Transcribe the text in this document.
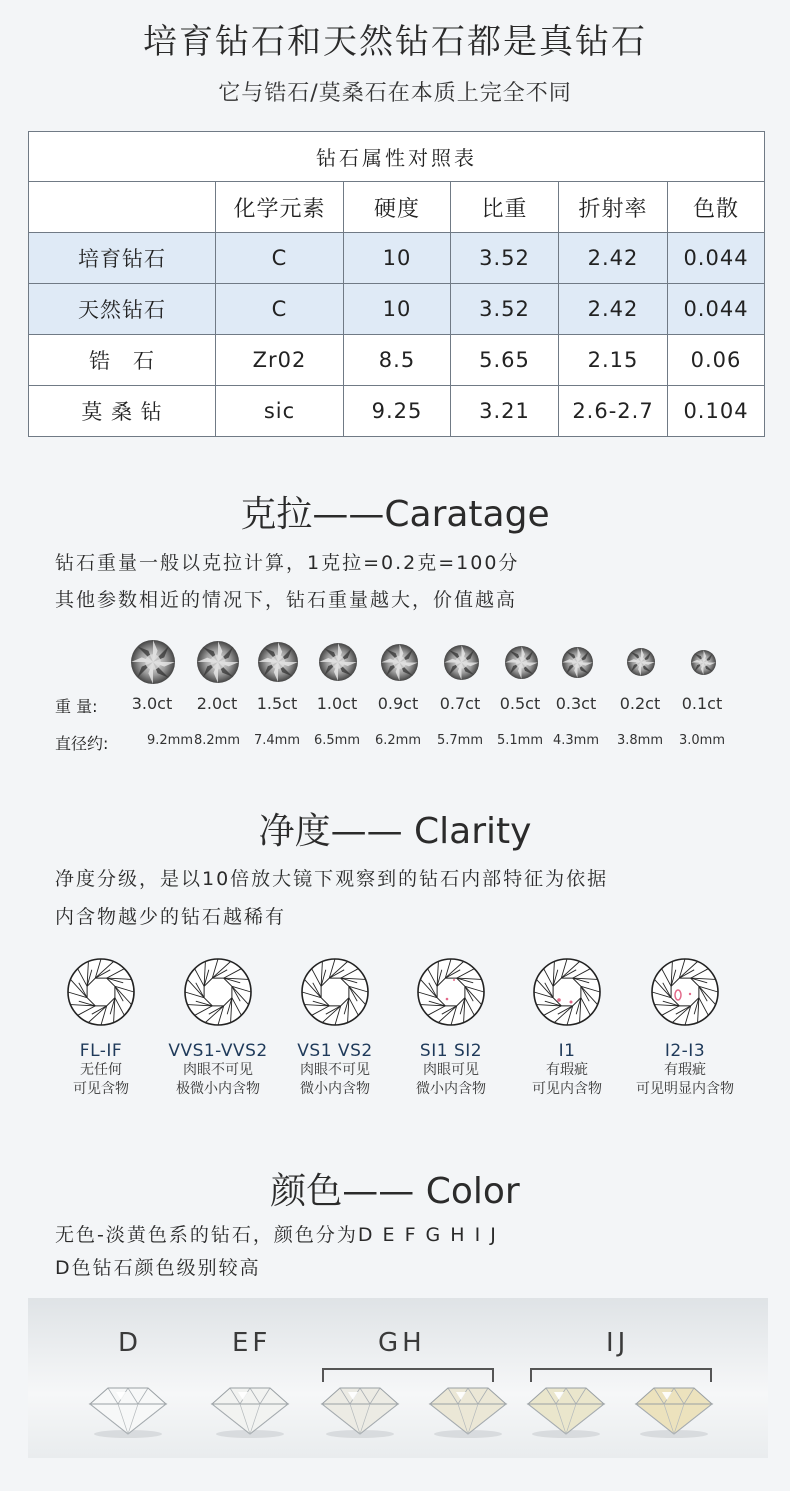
培育钻石和天然钻石都是真钻石
它与锆石/莫桑石在本质上完全不同
钻石属性对照表					
	化学元素	硬度	比重	折射率	色散
培育钻石	C	10	3.52	2.42	0.044
天然钻石	C	10	3.52	2.42	0.044
锆　石	Zr02	8.5	5.65	2.15	0.06
莫 桑 钻	sic	9.25	3.21	2.6-2.7	0.104
克拉——Caratage
钻石重量一般以克拉计算，1克拉=0.2克=100分
其他参数相近的情况下，钻石重量越大，价值越高
重 量:
直径约:
3.0ct	2.0ct	1.5ct	1.0ct	0.9ct	0.7ct	0.5ct 0.3ct	0.2ct	0.1ct
9.2mm 8.2mm	7.4mm	6.5mm	6.2mm	5.7mm	5.1mm 4.3mm	3.8mm	3.0mm
净度—— Clarity
净度分级，是以10倍放大镜下观察到的钻石内部特征为依据
内含物越少的钻石越稀有
FL-IF
无任何
可见含物
VVS1-VVS2
肉眼不可见
极微小内含物
VS1 VS2
肉眼不可见
微小内含物
SI1 SI2
肉眼可见
微小内含物
I1
有瑕疵
可见内含物
I2-I3
有瑕疵
可见明显内含物
颜色—— Color
无色-淡黄色系的钻石，颜色分为D E F G H I J
D色钻石颜色级别较高
D	EF	GH	IJ
